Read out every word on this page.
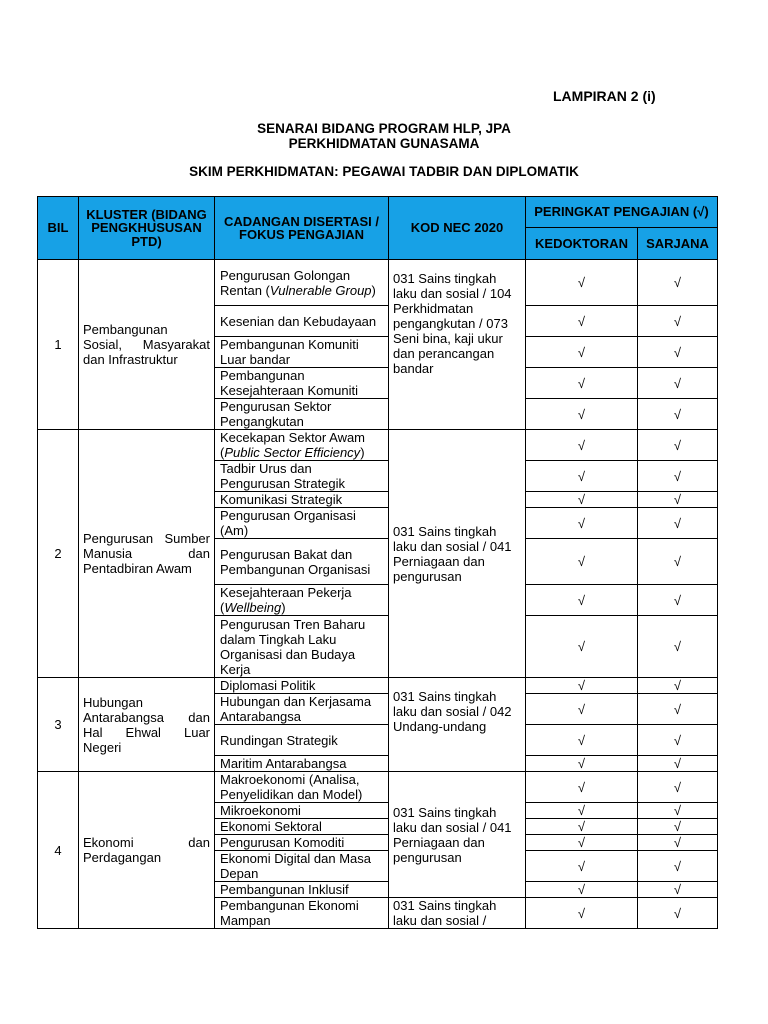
LAMPIRAN 2 (i)
SENARAI BIDANG PROGRAM HLP, JPA
PERKHIDMATAN GUNASAMA
SKIM PERKHIDMATAN: PEGAWAI TADBIR DAN DIPLOMATIK
BIL	KLUSTER (BIDANG PENGKHUSUSAN PTD)	CADANGAN DISERTASI / FOKUS PENGAJIAN	KOD NEC 2020	PERINGKAT PENGAJIAN (√)	
				KEDOKTORAN	SARJANA
1	Pembangunan Sosial, Masyarakat dan Infrastruktur	Pengurusan Golongan Rentan (Vulnerable Group)	031 Sains tingkah laku dan sosial / 104 Perkhidmatan pengangkutan / 073 Seni bina, kaji ukur dan perancangan bandar	√	√
		Kesenian dan Kebudayaan		√	√
		Pembangunan Komuniti Luar bandar		√	√
		Pembangunan Kesejahteraan Komuniti		√	√
		Pengurusan Sektor Pengangkutan		√	√
2	Pengurusan Sumber Manusia dan Pentadbiran Awam	Kecekapan Sektor Awam (Public Sector Efficiency)	031 Sains tingkah laku dan sosial / 041 Perniagaan dan pengurusan	√	√
		Tadbir Urus dan Pengurusan Strategik		√	√
		Komunikasi Strategik		√	√
		Pengurusan Organisasi (Am)		√	√
		Pengurusan Bakat dan Pembangunan Organisasi		√	√
		Kesejahteraan Pekerja (Wellbeing)		√	√
		Pengurusan Tren Baharu dalam Tingkah Laku Organisasi dan Budaya Kerja		√	√
3	Hubungan Antarabangsa dan Hal Ehwal Luar Negeri	Diplomasi Politik	031 Sains tingkah laku dan sosial / 042 Undang-undang	√	√
		Hubungan dan Kerjasama Antarabangsa		√	√
		Rundingan Strategik		√	√
		Maritim Antarabangsa		√	√
4	Ekonomi dan Perdagangan	Makroekonomi (Analisa, Penyelidikan dan Model)	031 Sains tingkah laku dan sosial / 041 Perniagaan dan pengurusan	√	√
		Mikroekonomi		√	√
		Ekonomi Sektoral		√	√
		Pengurusan Komoditi		√	√
		Ekonomi Digital dan Masa Depan		√	√
		Pembangunan Inklusif		√	√
		Pembangunan Ekonomi Mampan	031 Sains tingkah laku dan sosial /	√	√
